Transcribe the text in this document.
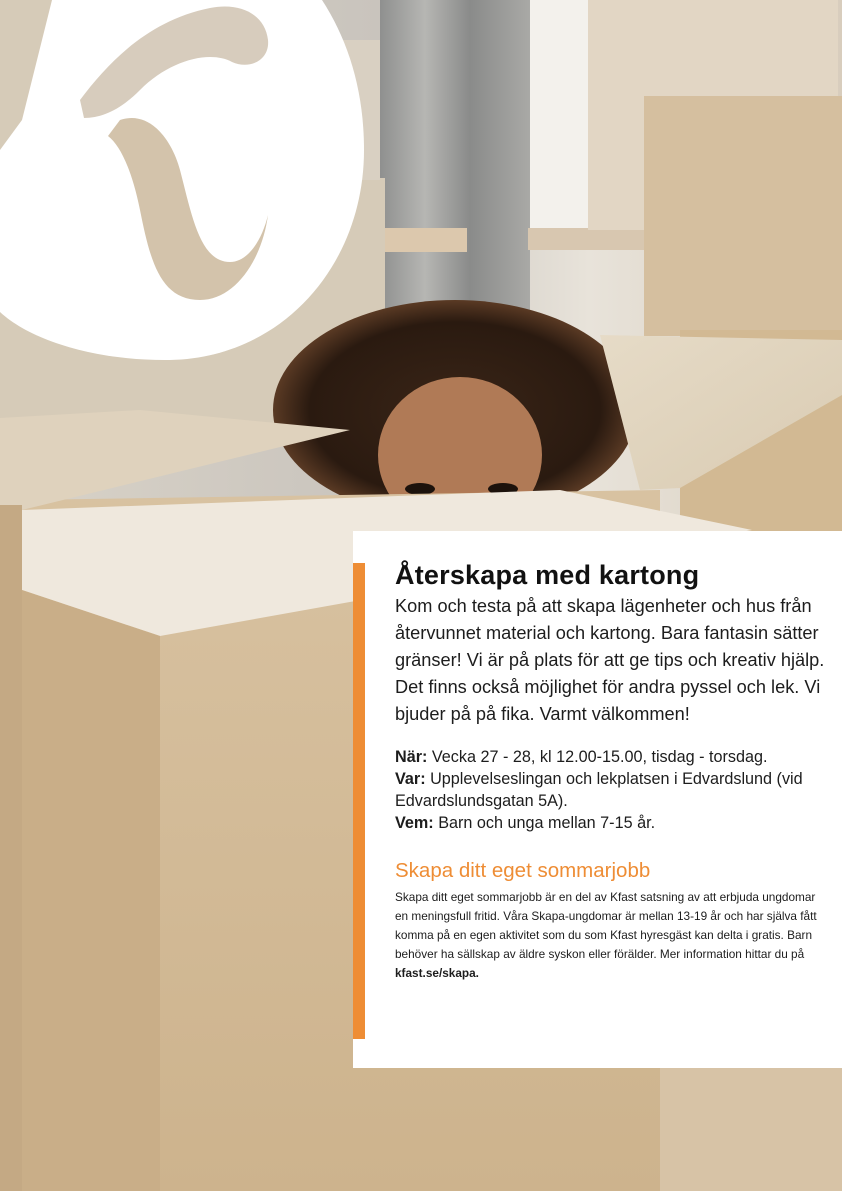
Återskapa med kartong

Kom och testa på att skapa lägenheter och hus från återvunnet material och kartong. Bara fantasin sätter gränser! Vi är på plats för att ge tips och kreativ hjälp. Det finns också möjlighet för andra pyssel och lek. Vi bjuder på på fika. Varmt välkommen!

När: Vecka 27 - 28, kl 12.00-15.00, tisdag - torsdag.

Var: Upplevelseslingan och lekplatsen i Edvardslund (vid Edvardslundsgatan 5A).

Vem: Barn och unga mellan 7-15 år.

Skapa ditt eget sommarjobb

Skapa ditt eget sommarjobb är en del av Kfast satsning av att erbjuda ungdomar en meningsfull fritid. Våra Skapa-ungdomar är mellan 13-19 år och har själva fått komma på en egen aktivitet som du som Kfast hyresgäst kan delta i gratis. Barn behöver ha sällskap av äldre syskon eller förälder. Mer information hittar du på kfast.se/skapa.
